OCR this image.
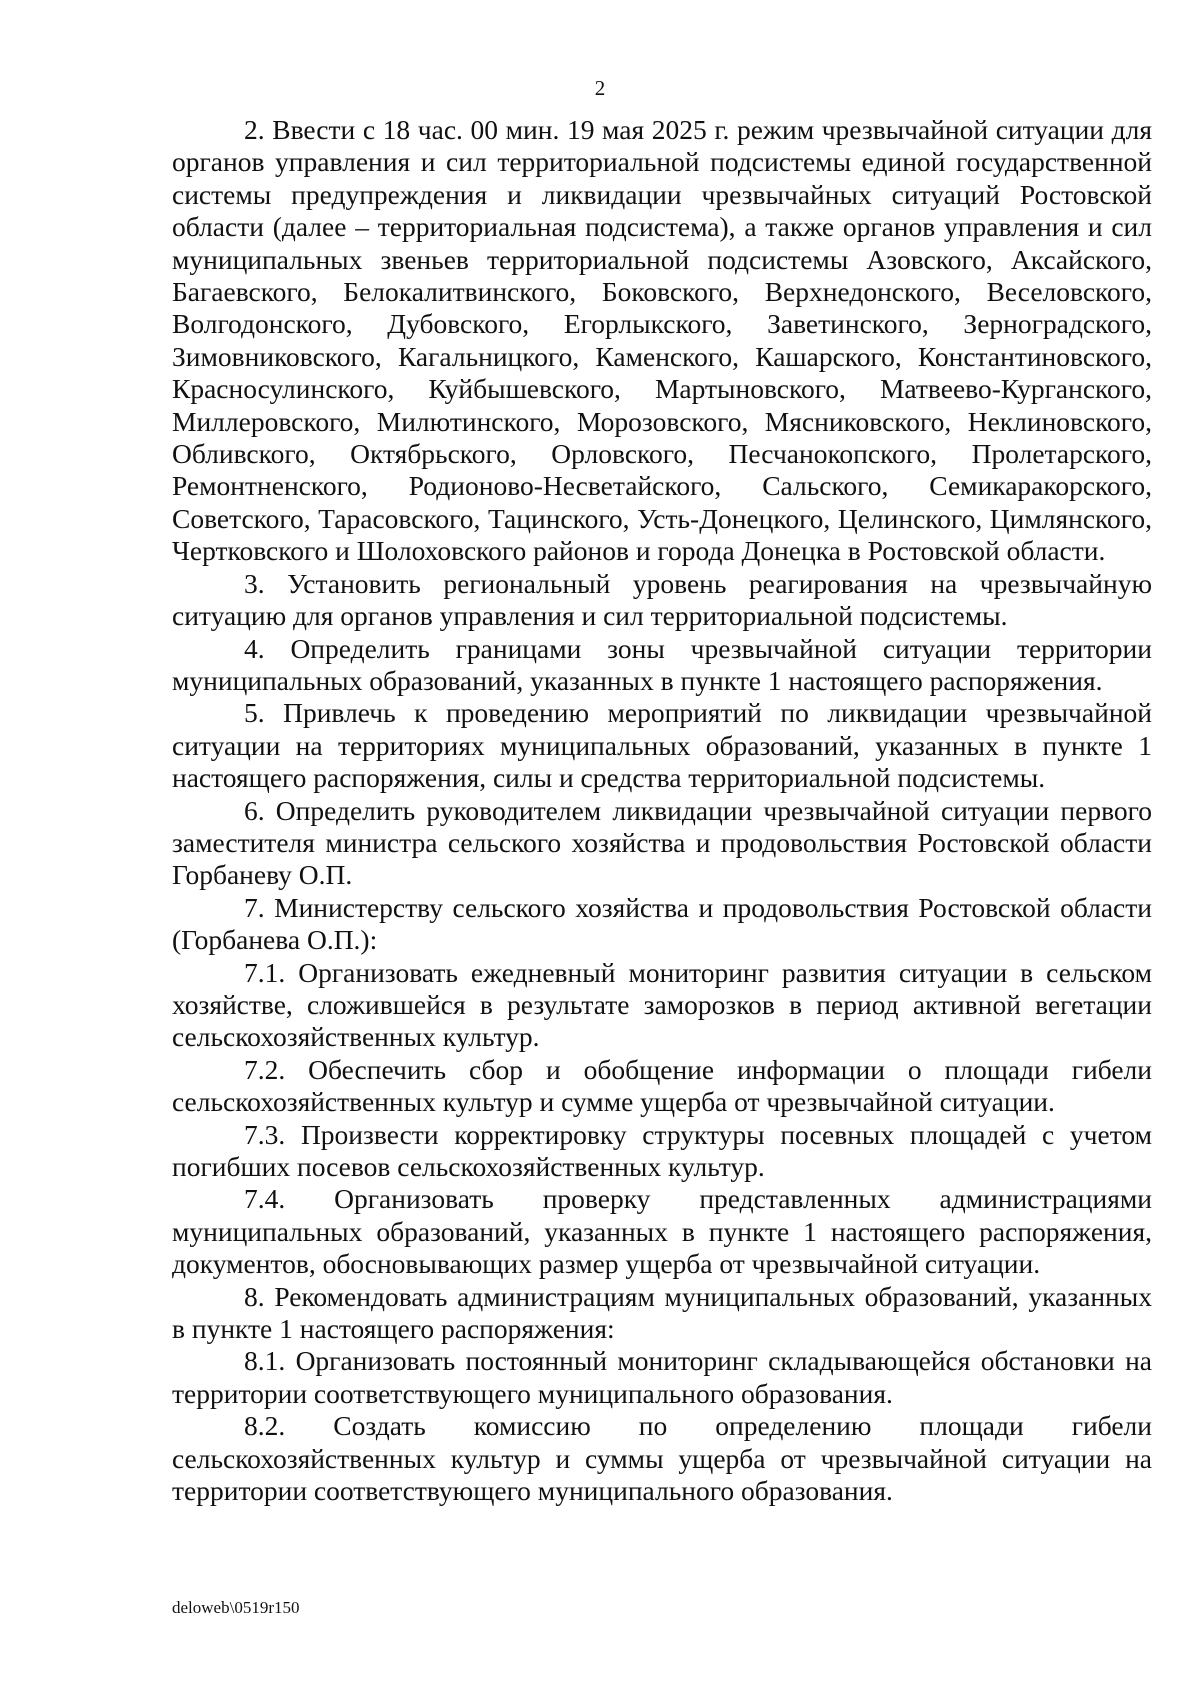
2

2. Ввести с 18 час. 00 мин. 19 мая 2025 г. режим чрезвычайной ситуации для органов управления и сил территориальной подсистемы единой государственной системы предупреждения и ликвидации чрезвычайных ситуаций Ростовской области (далее – территориальная подсистема), а также органов управления и сил муниципальных звеньев территориальной подсистемы Азовского, Аксайского, Багаевского, Белокалитвинского, Боковского, Верхнедонского, Веселовского, Волгодонского, Дубовского, Егорлыкского, Заветинского, Зерноградского, Зимовниковского, Кагальницкого, Каменского, Кашарского, Константиновского, Красносулинского, Куйбышевского, Мартыновского, Матвеево-Курганского, Миллеровского, Милютинского, Морозовского, Мясниковского, Неклиновского, Обливского, Октябрьского, Орловского, Песчанокопского, Пролетарского, Ремонтненского, Родионово-Несветайского, Сальского, Семикаракорского, Советского, Тарасовского, Тацинского, Усть-Донецкого, Целинского, Цимлянского, Чертковского и Шолоховского районов и города Донецка в Ростовской области.

3. Установить региональный уровень реагирования на чрезвычайную ситуацию для органов управления и сил территориальной подсистемы.

4. Определить границами зоны чрезвычайной ситуации территории муниципальных образований, указанных в пункте 1 настоящего распоряжения.

5. Привлечь к проведению мероприятий по ликвидации чрезвычайной ситуации на территориях муниципальных образований, указанных в пункте 1 настоящего распоряжения, силы и средства территориальной подсистемы.

6. Определить руководителем ликвидации чрезвычайной ситуации первого заместителя министра сельского хозяйства и продовольствия Ростовской области Горбаневу О.П.

7. Министерству сельского хозяйства и продовольствия Ростовской области (Горбанева О.П.):

7.1. Организовать ежедневный мониторинг развития ситуации в сельском хозяйстве, сложившейся в результате заморозков в период активной вегетации сельскохозяйственных культур.

7.2. Обеспечить сбор и обобщение информации о площади гибели сельскохозяйственных культур и сумме ущерба от чрезвычайной ситуации.

7.3. Произвести корректировку структуры посевных площадей с учетом погибших посевов сельскохозяйственных культур.

7.4. Организовать проверку представленных администрациями муниципальных образований, указанных в пункте 1 настоящего распоряжения, документов, обосновывающих размер ущерба от чрезвычайной ситуации.

8. Рекомендовать администрациям муниципальных образований, указанных в пункте 1 настоящего распоряжения:

8.1. Организовать постоянный мониторинг складывающейся обстановки на территории соответствующего муниципального образования.

8.2. Создать комиссию по определению площади гибели сельскохозяйственных культур и суммы ущерба от чрезвычайной ситуации на территории соответствующего муниципального образования.

deloweb\0519r150
